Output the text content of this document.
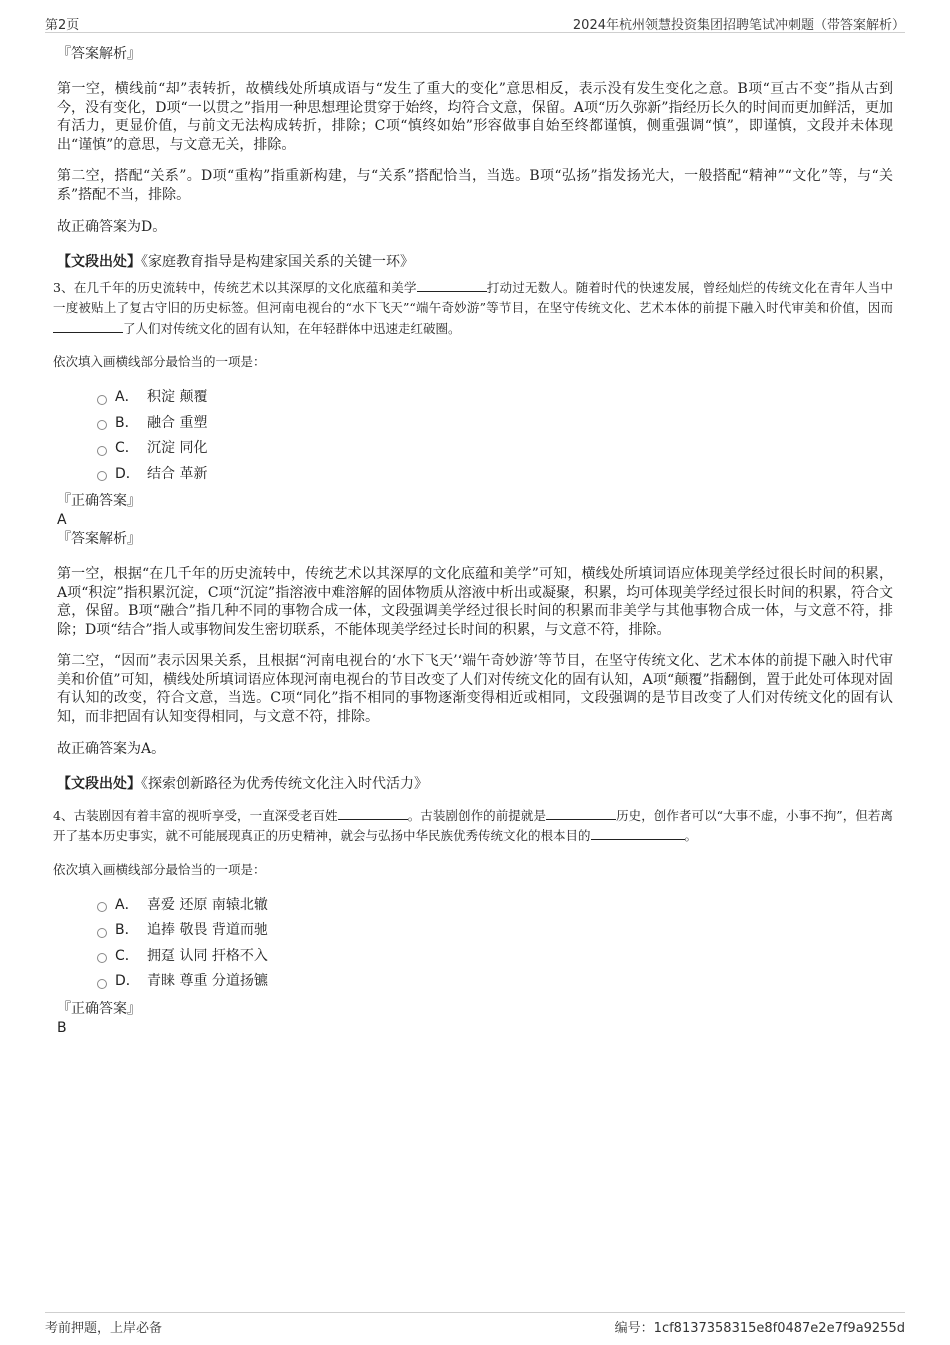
第2页	2024年杭州领慧投资集团招聘笔试冲刺题（带答案解析）

『答案解析』

第一空，横线前“却”表转折，故横线处所填成语与“发生了重大的变化”意思相反，表示没有发生变化之意。B项“亘古不变”指从古到今，没有变化，D项“一以贯之”指用一种思想理论贯穿于始终，均符合文意，保留。A项“历久弥新”指经历长久的时间而更加鲜活，更加有活力，更显价值，与前文无法构成转折，排除；C项“慎终如始”形容做事自始至终都谨慎，侧重强调“慎”，即谨慎，文段并未体现出“谨慎”的意思，与文意无关，排除。

第二空，搭配“关系”。D项“重构”指重新构建，与“关系”搭配恰当，当选。B项“弘扬”指发扬光大，一般搭配“精神”“文化”等，与“关系”搭配不当，排除。

故正确答案为D。

【文段出处】《家庭教育指导是构建家国关系的关键一环》

3、在几千年的历史流转中，传统艺术以其深厚的文化底蕴和美学	打动过无数人。随着时代的快速发展，曾经灿烂的传统文化在青年人当中一度被贴上了复古守旧的历史标签。但河南电视台的“水下飞天”“端午奇妙游”等节目，在坚守传统文化、艺术本体的前提下融入时代审美和价值，因而了人们对传统文化的固有认知，在年轻群体中迅速走红破圈。

依次填入画横线部分最恰当的一项是：

A． 积淀 颠覆
B． 融合 重塑
C． 沉淀 同化
D． 结合 革新

『正确答案』

A

『答案解析』

第一空，根据“在几千年的历史流转中，传统艺术以其深厚的文化底蕴和美学”可知，横线处所填词语应体现美学经过很长时间的积累，A项“积淀”指积累沉淀，C项“沉淀”指溶液中难溶解的固体物质从溶液中析出或凝聚，积累，均可体现美学经过很长时间的积累，符合文意，保留。B项“融合”指几种不同的事物合成一体，文段强调美学经过很长时间的积累而非美学与其他事物合成一体，与文意不符，排除；D项“结合”指人或事物间发生密切联系，不能体现美学经过长时间的积累，与文意不符，排除。

第二空，“因而”表示因果关系，且根据“河南电视台的‘水下飞天’‘端午奇妙游’等节目，在坚守传统文化、艺术本体的前提下融入时代审美和价值”可知，横线处所填词语应体现河南电视台的节目改变了人们对传统文化的固有认知，A项“颠覆”指翻倒，置于此处可体现对固有认知的改变，符合文意，当选。C项“同化”指不相同的事物逐渐变得相近或相同，文段强调的是节目改变了人们对传统文化的固有认知，而非把固有认知变得相同，与文意不符，排除。

故正确答案为A。

【文段出处】《探索创新路径为优秀传统文化注入时代活力》

4、古装剧因有着丰富的视听享受，一直深受老百姓	。古装剧创作的前提就是	历史，创作者可以“大事不虚，小事不拘”，但若离开了基本历史事实，就不可能展现真正的历史精神，就会与弘扬中华民族优秀传统文化的根本目的	。

依次填入画横线部分最恰当的一项是：

A． 喜爱 还原 南辕北辙
B． 追捧 敬畏 背道而驰
C． 拥趸 认同 扞格不入
D． 青睐 尊重 分道扬镳

『正确答案』

B

考前押题，上岸必备	编号：1cf8137358315e8f0487e2e7f9a9255d
